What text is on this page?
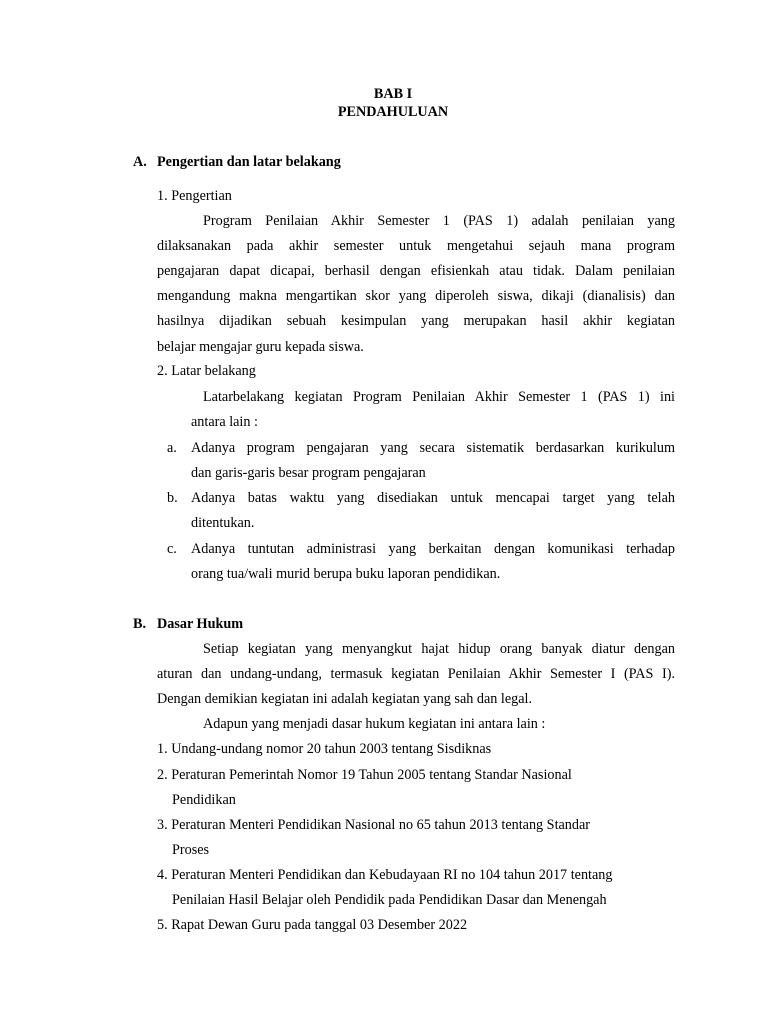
BAB I
PENDAHULUAN
A. Pengertian dan latar belakang
1. Pengertian
Program Penilaian Akhir Semester 1 (PAS 1) adalah penilaian yang
dilaksanakan pada akhir semester untuk mengetahui sejauh mana program
pengajaran dapat dicapai, berhasil dengan efisienkah atau tidak. Dalam penilaian
mengandung makna mengartikan skor yang diperoleh siswa, dikaji (dianalisis) dan
hasilnya dijadikan sebuah kesimpulan yang merupakan hasil akhir kegiatan
belajar mengajar guru kepada siswa.
2. Latar belakang
Latarbelakang kegiatan Program Penilaian Akhir Semester 1 (PAS 1) ini
antara lain :
a. Adanya program pengajaran yang secara sistematik berdasarkan kurikulum
dan garis-garis besar program pengajaran
b. Adanya batas waktu yang disediakan untuk mencapai target yang telah
ditentukan.
c. Adanya tuntutan administrasi yang berkaitan dengan komunikasi terhadap
orang tua/wali murid berupa buku laporan pendidikan.
B. Dasar Hukum
Setiap kegiatan yang menyangkut hajat hidup orang banyak diatur dengan
aturan dan undang-undang, termasuk kegiatan Penilaian Akhir Semester I (PAS I).
Dengan demikian kegiatan ini adalah kegiatan yang sah dan legal.
Adapun yang menjadi dasar hukum kegiatan ini antara lain :
1. Undang-undang nomor 20 tahun 2003 tentang Sisdiknas
2. Peraturan Pemerintah Nomor 19 Tahun 2005 tentang Standar Nasional
Pendidikan
3. Peraturan Menteri Pendidikan Nasional no 65 tahun 2013 tentang Standar
Proses
4. Peraturan Menteri Pendidikan dan Kebudayaan RI no 104 tahun 2017 tentang
Penilaian Hasil Belajar oleh Pendidik pada Pendidikan Dasar dan Menengah
5. Rapat Dewan Guru pada tanggal 03 Desember 2022
